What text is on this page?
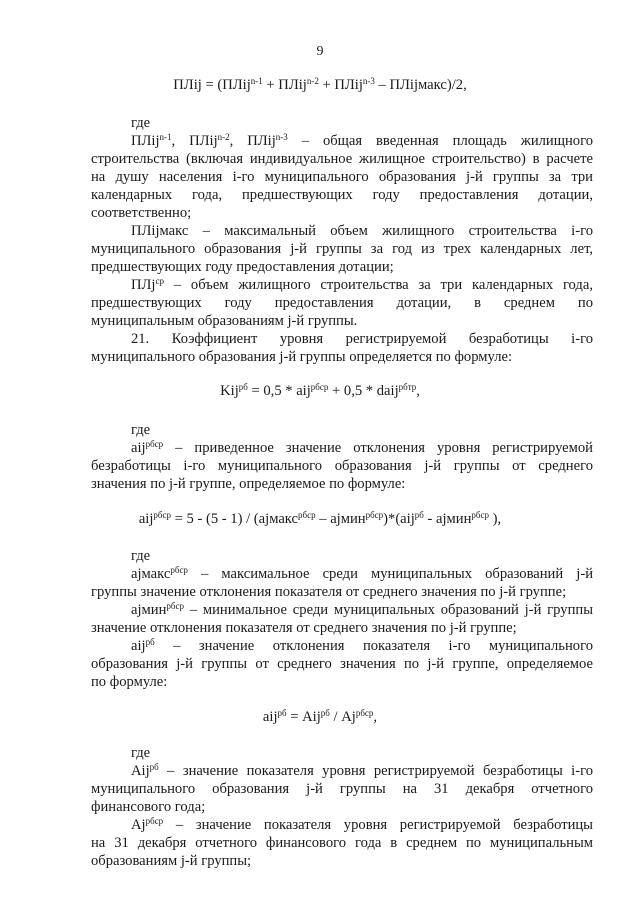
9
ПЛij = (ПЛij$^{n-1}$ + ПЛij$^{n-2}$ + ПЛij$^{n-3}$ – ПЛijмакс)/2,
где
ПЛij$^{n-1}$, ПЛij$^{n-2}$, ПЛij$^{n-3}$ – общая введенная площадь жилищного
строительства (включая индивидуальное жилищное строительство) в расчете
на душу населения i-го муниципального образования j-й группы за три
календарных года, предшествующих году предоставления дотации,
соответственно;
ПЛijмакс – максимальный объем жилищного строительства i-го
муниципального образования j-й группы за год из трех календарных лет,
предшествующих году предоставления дотации;
ПЛj$^{ср}$ – объем жилищного строительства за три календарных года,
предшествующих году предоставления дотации, в среднем по
муниципальным образованиям j-й группы.
21. Коэффициент уровня регистрируемой безработицы i-го
муниципального образования j-й группы определяется по формуле:
Kij$^{рб}$ = 0,5 * aij$^{рбср}$ + 0,5 * daij$^{рбтр}$,
где
aij$^{рбср}$ – приведенное значение отклонения уровня регистрируемой
безработицы i-го муниципального образования j-й группы от среднего
значения по j-й группе, определяемое по формуле:
aij$^{рбср}$ = 5 - (5 - 1) / (ajмакс$^{рбср}$ – ajмин$^{рбср}$)*(aij$^{рб}$ - ajмин$^{рбср}$ ),
где
ajмакс$^{рбср}$ – максимальное среди муниципальных образований j-й
группы значение отклонения показателя от среднего значения по j-й группе;
ajмин$^{рбср}$ – минимальное среди муниципальных образований j-й группы
значение отклонения показателя от среднего значения по j-й группе;
aij$^{рб}$ – значение отклонения показателя i-го муниципального
образования j-й группы от среднего значения по j-й группе, определяемое
по формуле:
$aij^{рб} = Aij^{рб} / Aj^{рбср}$,
где
Aij$^{рб}$ – значение показателя уровня регистрируемой безработицы i-го
муниципального образования j-й группы на 31 декабря отчетного
финансового года;
$Aj^{рбср}$ – значение показателя уровня регистрируемой безработицы
на 31 декабря отчетного финансового года в среднем по муниципальным
образованиям j-й группы;
